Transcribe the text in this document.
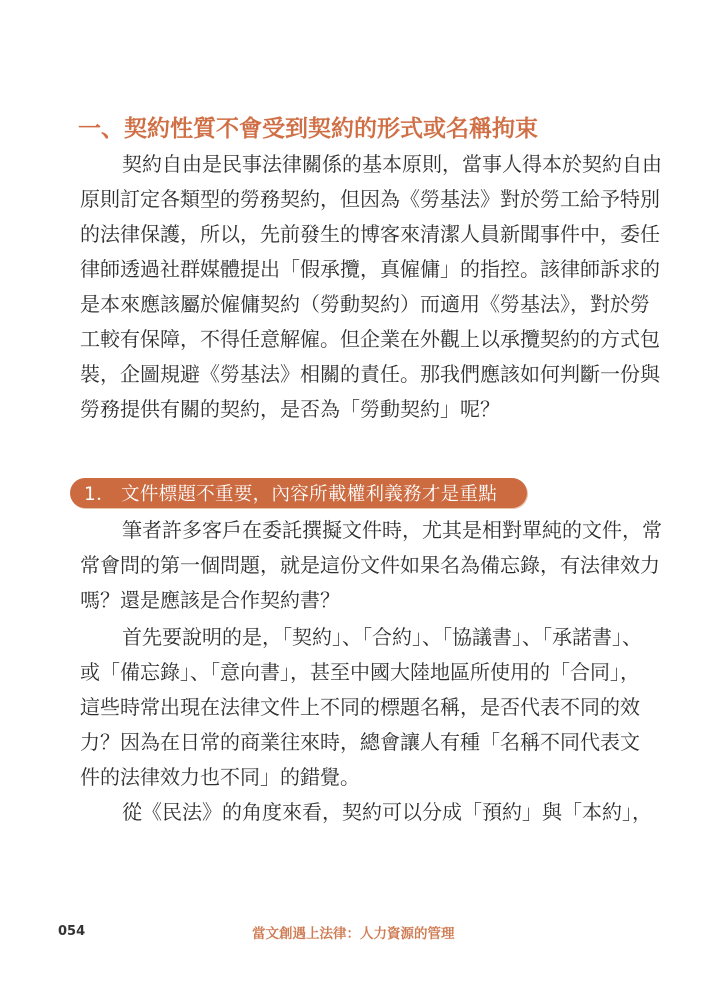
一、契約性質不會受到契約的形式或名稱拘束
契約自由是民事法律關係的基本原則，當事人得本於契約自由
原則訂定各類型的勞務契約，但因為《勞基法》對於勞工給予特別
的法律保護，所以，先前發生的博客來清潔人員新聞事件中，委任
律師透過社群媒體提出「假承攬，真僱傭」的指控。該律師訴求的
是本來應該屬於僱傭契約（勞動契約）而適用《勞基法》，對於勞
工較有保障，不得任意解僱。但企業在外觀上以承攬契約的方式包
裝，企圖規避《勞基法》相關的責任。那我們應該如何判斷一份與
勞務提供有關的契約，是否為「勞動契約」呢？
1． 文件標題不重要，內容所載權利義務才是重點
筆者許多客戶在委託撰擬文件時，尤其是相對單純的文件，常
常會問的第一個問題，就是這份文件如果名為備忘錄，有法律效力
嗎？還是應該是合作契約書？
首先要說明的是，「契約」、「合約」、「協議書」、「承諾書」、
或「備忘錄」、「意向書」，甚至中國大陸地區所使用的「合同」，
這些時常出現在法律文件上不同的標題名稱，是否代表不同的效
力？因為在日常的商業往來時，總會讓人有種「名稱不同代表文
件的法律效力也不同」的錯覺。
從《民法》的角度來看，契約可以分成「預約」與「本約」，
054	當文創遇上法律：人力資源的管理
